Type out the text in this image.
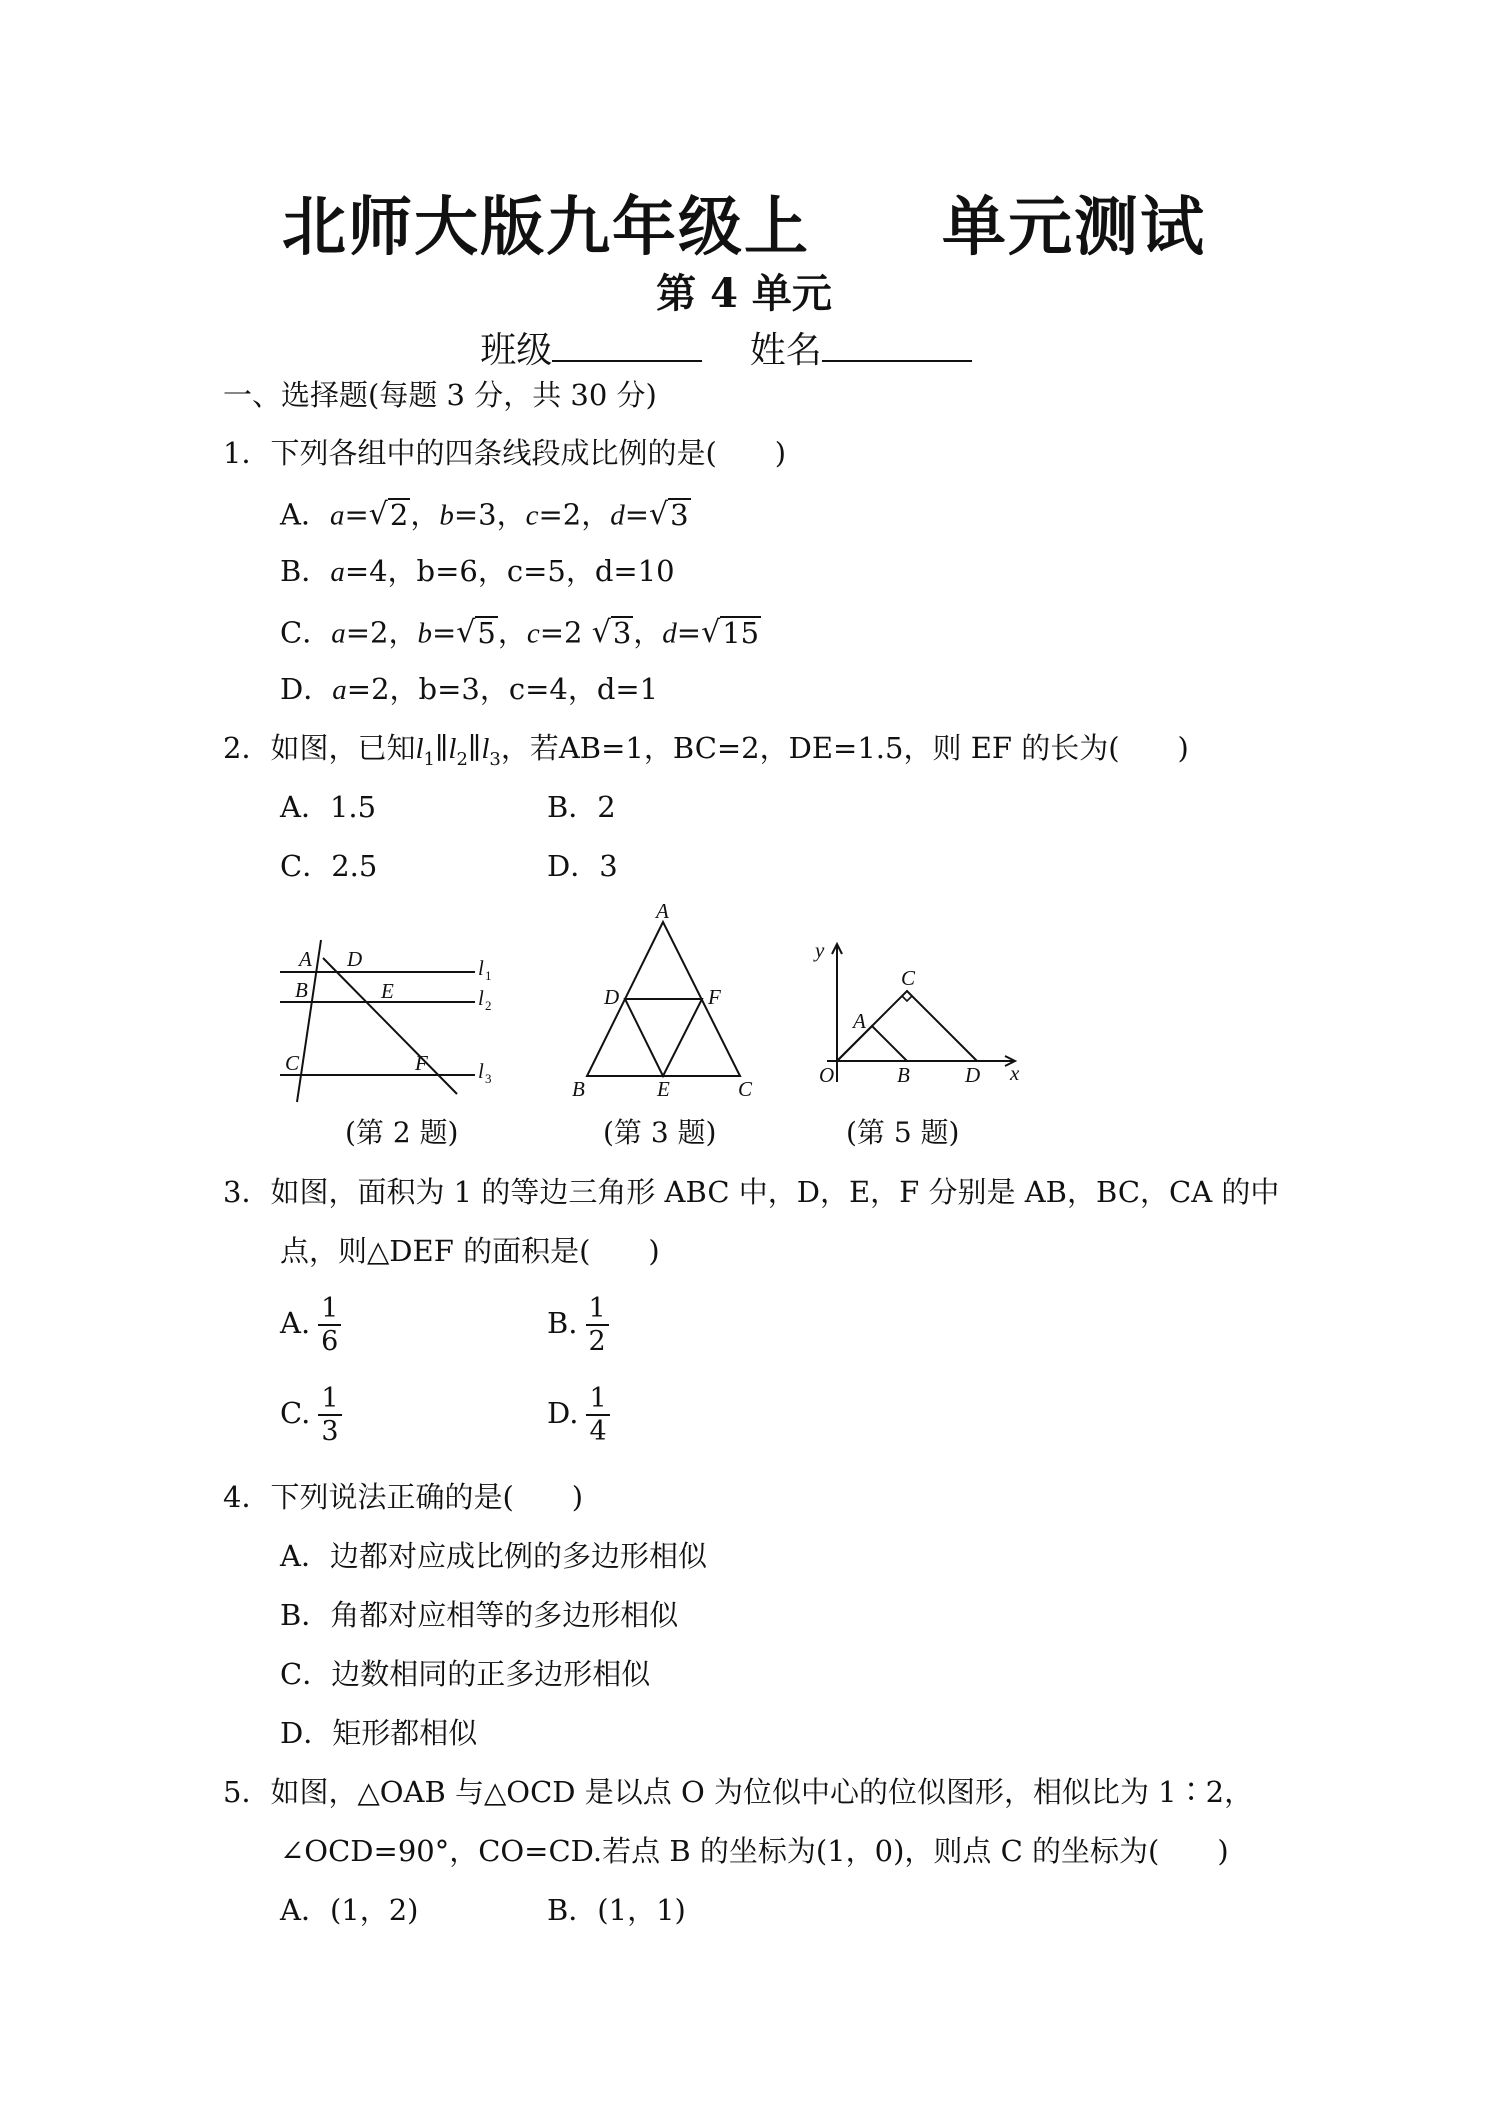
北师大版九年级上　　单元测试
第 4 单元
班级	姓名
一、选择题(每题 3 分，共 30 分)
1．下列各组中的四条线段成比例的是(　　)
A．a= √ 2 ，b=3，c=2，d= √ 3
B．a=4，b=6，c=5，d=10
C．a=2，b= √ 5 ，c=2 √ 3 ，d= √ 15
D．a=2，b=3，c=4，d=1
2．如图，已知$l_1\parallel l_2\parallel l_3$，若AB=1，BC=2，DE=1.5，则 EF 的长为(　　)
A．1.5	B．2
C．2.5	D．3
A D
B	E
C	F
l 1
l 2
l 3
A
D	F
B	E	C
y
x
O
A
B
C
D
(第 2 题)	(第 3 题)	(第 5 题)
3．如图，面积为 1 的等边三角形 ABC 中，D，E，F 分别是 AB，BC，CA 的中
点，则△DEF 的面积是(　　)
A. $\frac{1}{6}$	B. $\frac{1}{2}$
C. $\frac{1}{3}$	D. $\frac{1}{4}$
4．下列说法正确的是(　　)
A．边都对应成比例的多边形相似
B．角都对应相等的多边形相似
C．边数相同的正多边形相似
D．矩形都相似
5．如图，△OAB 与△OCD 是以点 O 为位似中心的位似图形，相似比为 1∶2，
∠OCD=90°，CO=CD.若点 B 的坐标为(1，0)，则点 C 的坐标为(　　)
A．(1，2)	B．(1，1)
